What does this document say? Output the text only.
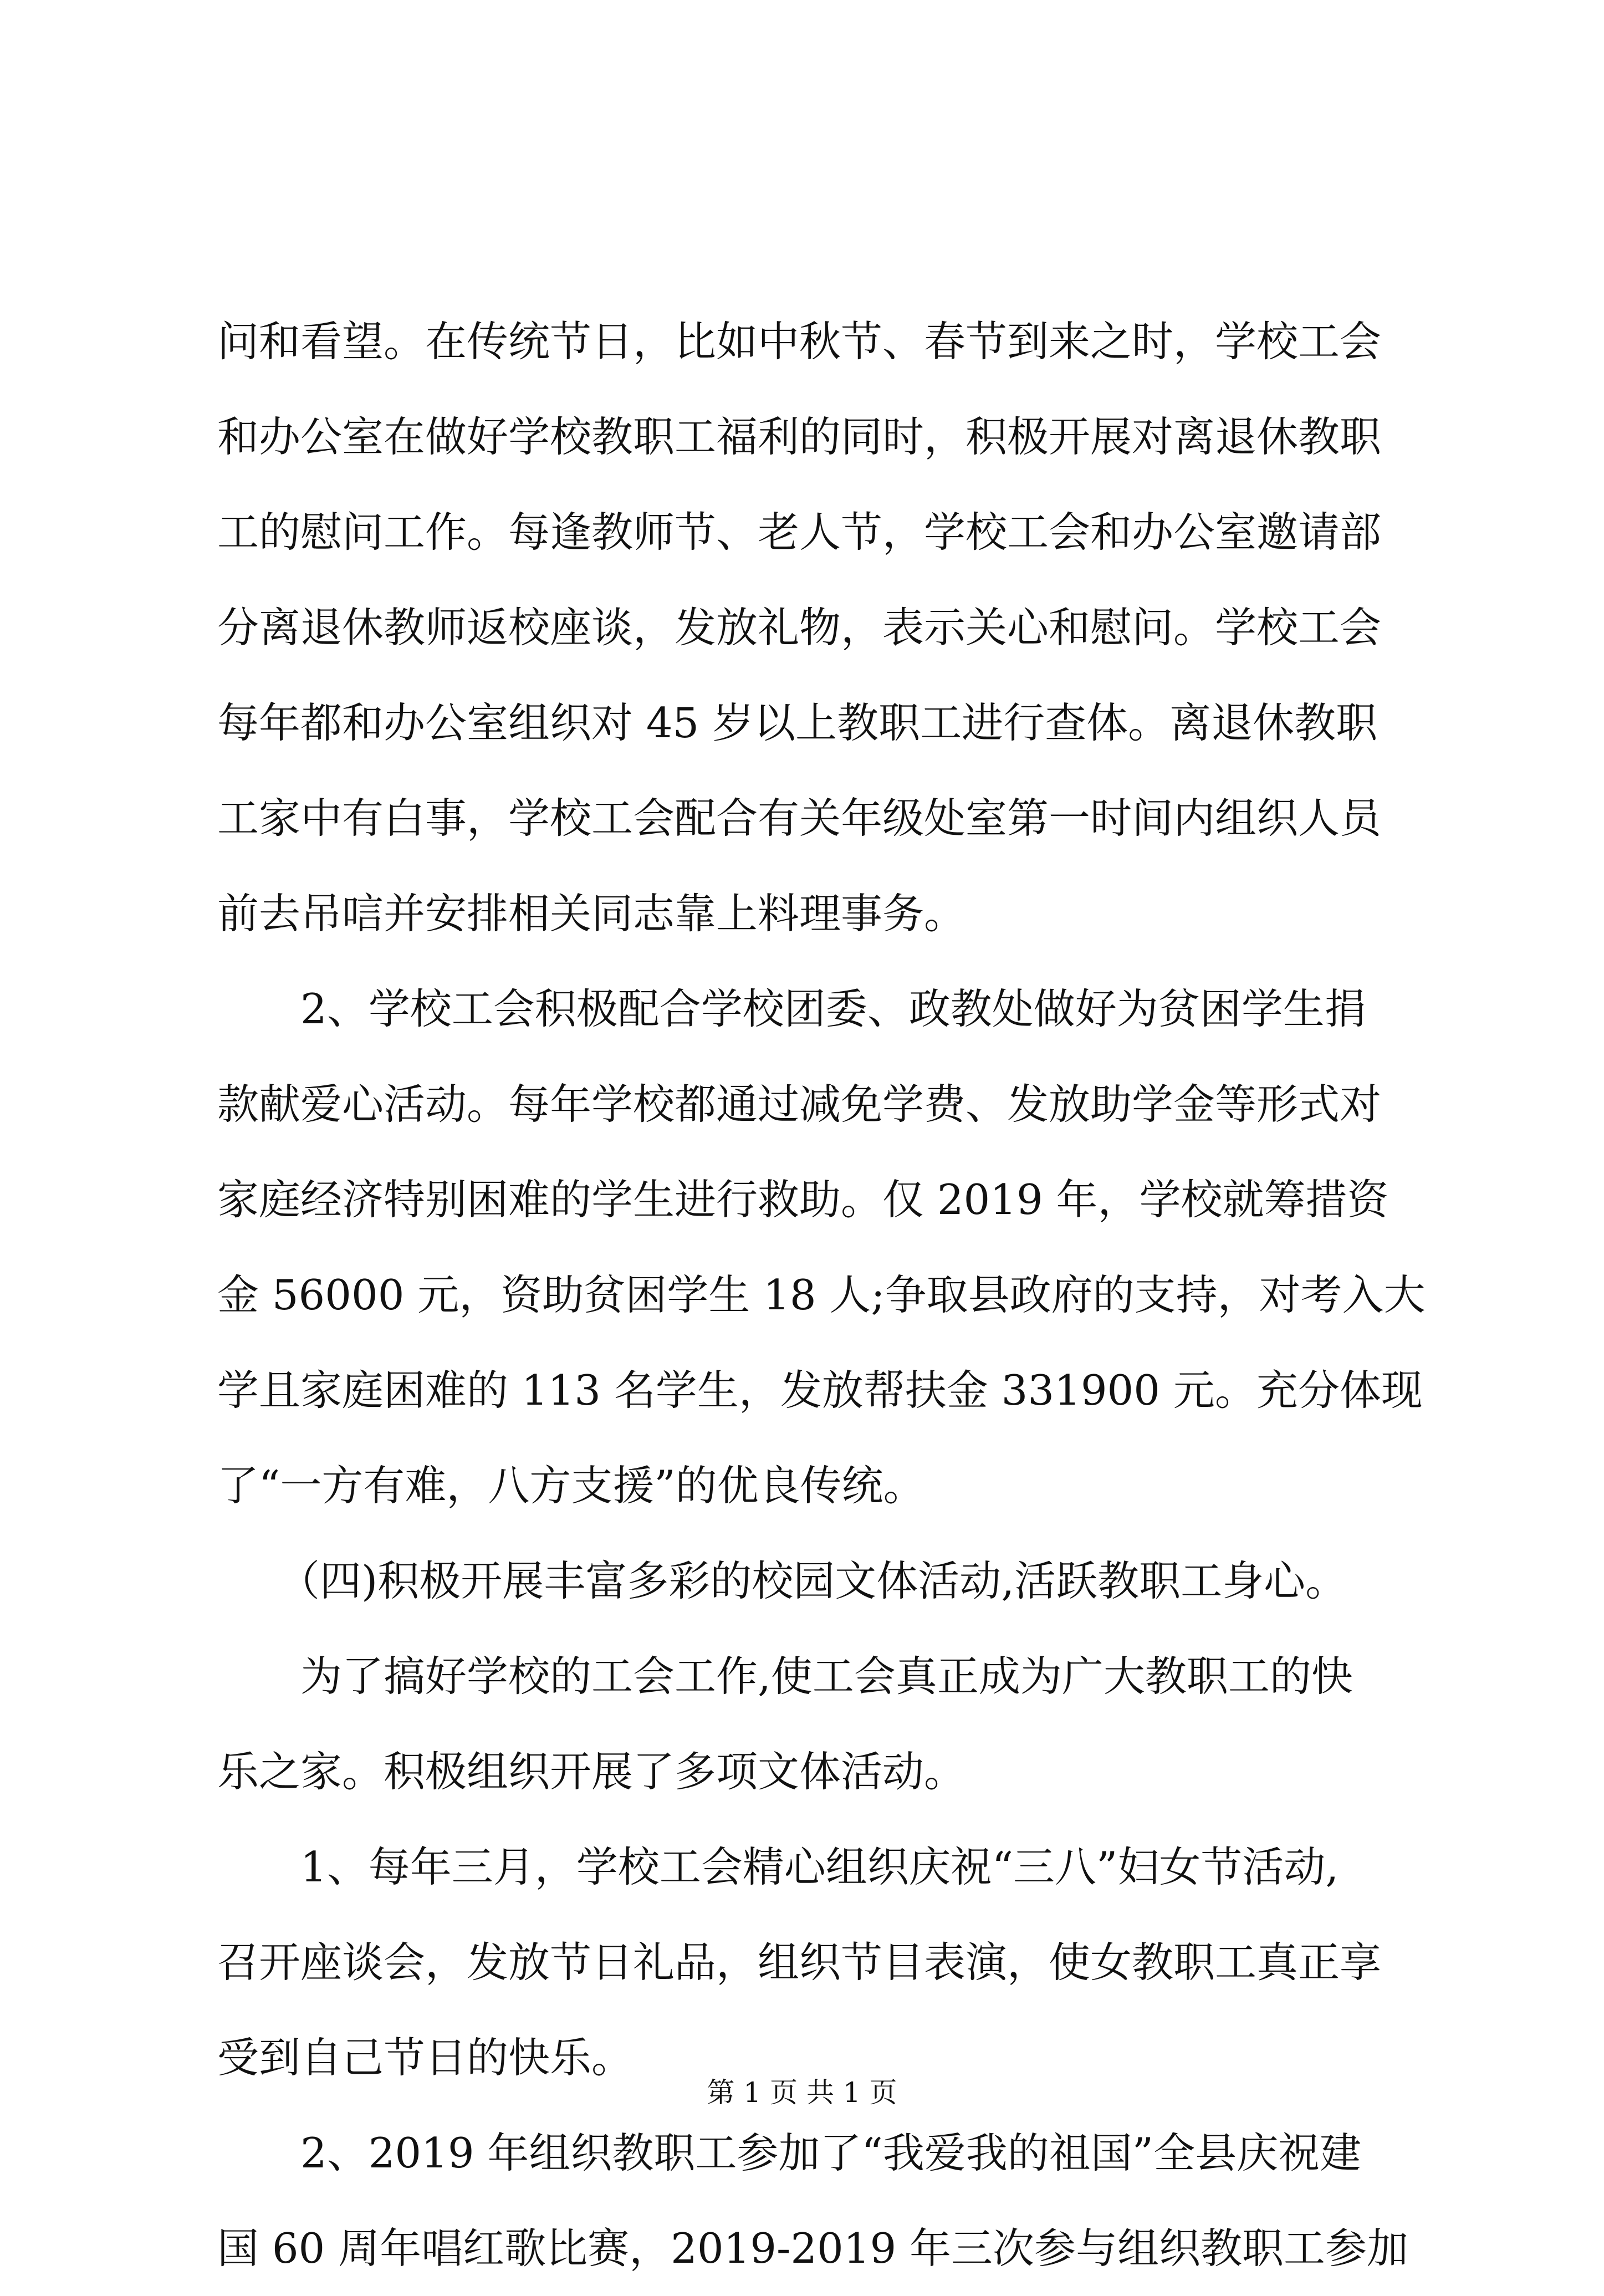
问和看望。在传统节日，比如中秋节、春节到来之时，学校工会
和办公室在做好学校教职工福利的同时，积极开展对离退休教职
工的慰问工作。每逢教师节、老人节，学校工会和办公室邀请部
分离退休教师返校座谈，发放礼物，表示关心和慰问。学校工会
每年都和办公室组织对 45 岁以上教职工进行查体。离退休教职
工家中有白事，学校工会配合有关年级处室第一时间内组织人员
前去吊唁并安排相关同志靠上料理事务。
2、学校工会积极配合学校团委、政教处做好为贫困学生捐
款献爱心活动。每年学校都通过减免学费、发放助学金等形式对
家庭经济特别困难的学生进行救助。仅 2019 年，学校就筹措资
金 56000 元，资助贫困学生 18 人;争取县政府的支持，对考入大
学且家庭困难的 113 名学生，发放帮扶金 331900 元。充分体现
了“一方有难，八方支援”的优良传统。
（四)积极开展丰富多彩的校园文体活动,活跃教职工身心。
为了搞好学校的工会工作,使工会真正成为广大教职工的快
乐之家。积极组织开展了多项文体活动。
1、每年三月，学校工会精心组织庆祝“三八”妇女节活动,
召开座谈会，发放节日礼品，组织节目表演，使女教职工真正享
受到自己节日的快乐。
2、2019 年组织教职工参加了“我爱我的祖国”全县庆祝建
国 60 周年唱红歌比赛，2019-2019 年三次参与组织教职工参加
第 1 页 共 1 页
